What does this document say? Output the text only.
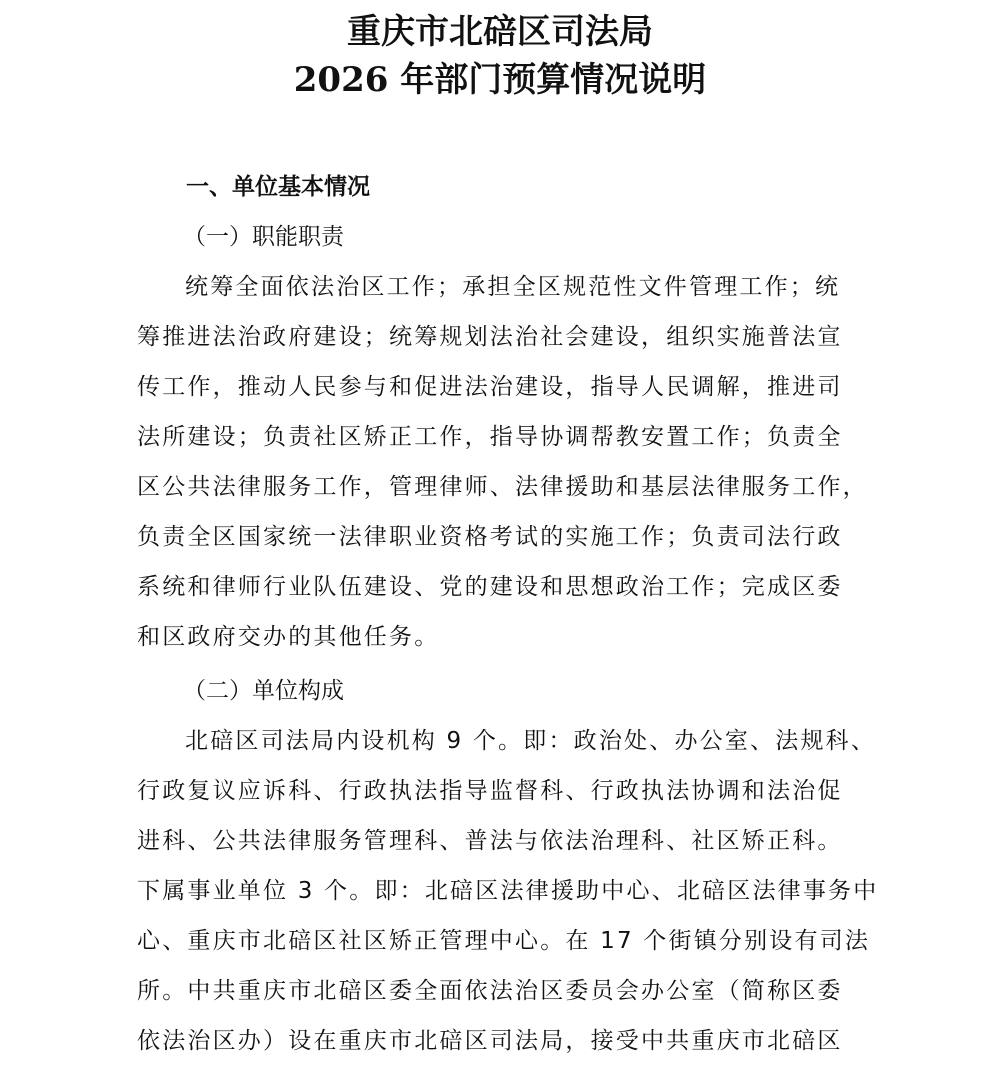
重庆市北碚区司法局
2026 年部门预算情况说明
一、单位基本情况
（一）职能职责
统筹全面依法治区工作；承担全区规范性文件管理工作；统
筹推进法治政府建设；统筹规划法治社会建设，组织实施普法宣
传工作，推动人民参与和促进法治建设，指导人民调解，推进司
法所建设；负责社区矫正工作，指导协调帮教安置工作；负责全
区公共法律服务工作，管理律师、法律援助和基层法律服务工作，
负责全区国家统一法律职业资格考试的实施工作；负责司法行政
系统和律师行业队伍建设、党的建设和思想政治工作；完成区委
和区政府交办的其他任务。
（二）单位构成
北碚区司法局内设机构 9 个。即：政治处、办公室、法规科、
行政复议应诉科、行政执法指导监督科、行政执法协调和法治促
进科、公共法律服务管理科、普法与依法治理科、社区矫正科。
下属事业单位 3 个。即：北碚区法律援助中心、北碚区法律事务中
心、重庆市北碚区社区矫正管理中心。在 17 个街镇分别设有司法
所。中共重庆市北碚区委全面依法治区委员会办公室（简称区委
依法治区办）设在重庆市北碚区司法局，接受中共重庆市北碚区
